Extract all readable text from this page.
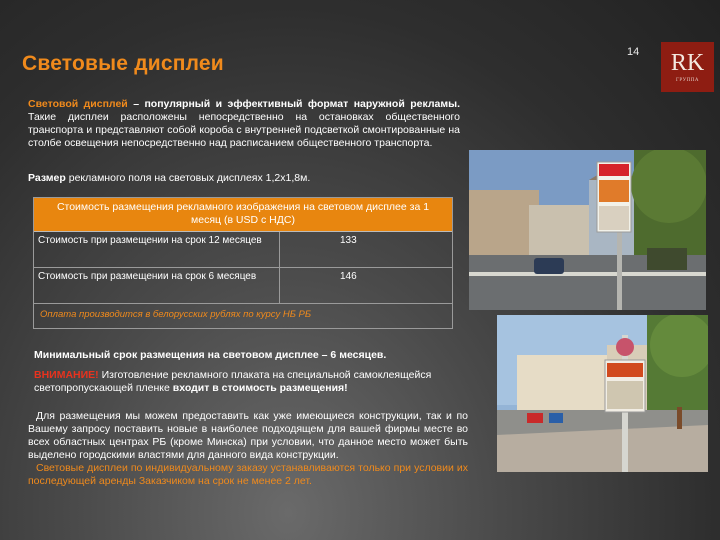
Световые дисплеи	14	RK
ГРУППА
Световой дисплей – популярный и эффективный формат наружной рекламы. Такие дисплеи расположены непосредственно на остановках общественного транспорта и представляют собой короба с внутренней подсветкой смонтированные на столбе освещения непосредственно над расписанием общественного транспорта.
Размер рекламного поля на световых дисплеях 1,2х1,8м.
Стоимость размещения рекламного изображения на световом дисплее за 1 месяц (в USD с НДС)
Стоимость при размещении на срок 12 месяцев	133
Стоимость при размещении на срок 6 месяцев	146
Оплата производится в белорусских рублях по курсу НБ РБ
Минимальный срок размещения на световом дисплее – 6 месяцев.
ВНИМАНИЕ! Изготовление рекламного плаката на специальной самоклеящейся светопропускающей пленке входит в стоимость размещения!

Для размещения мы можем предоставить как уже имеющиеся конструкции, так и по Вашему запросу поставить новые в наиболее подходящем для вашей фирмы месте во всех областных центрах РБ (кроме Минска) при условии, что данное место может быть выделено городскими властями для данного вида конструкции.

Световые дисплеи по индивидуальному заказу устанавливаются только при условии их последующей аренды Заказчиком на срок не менее 2 лет.
